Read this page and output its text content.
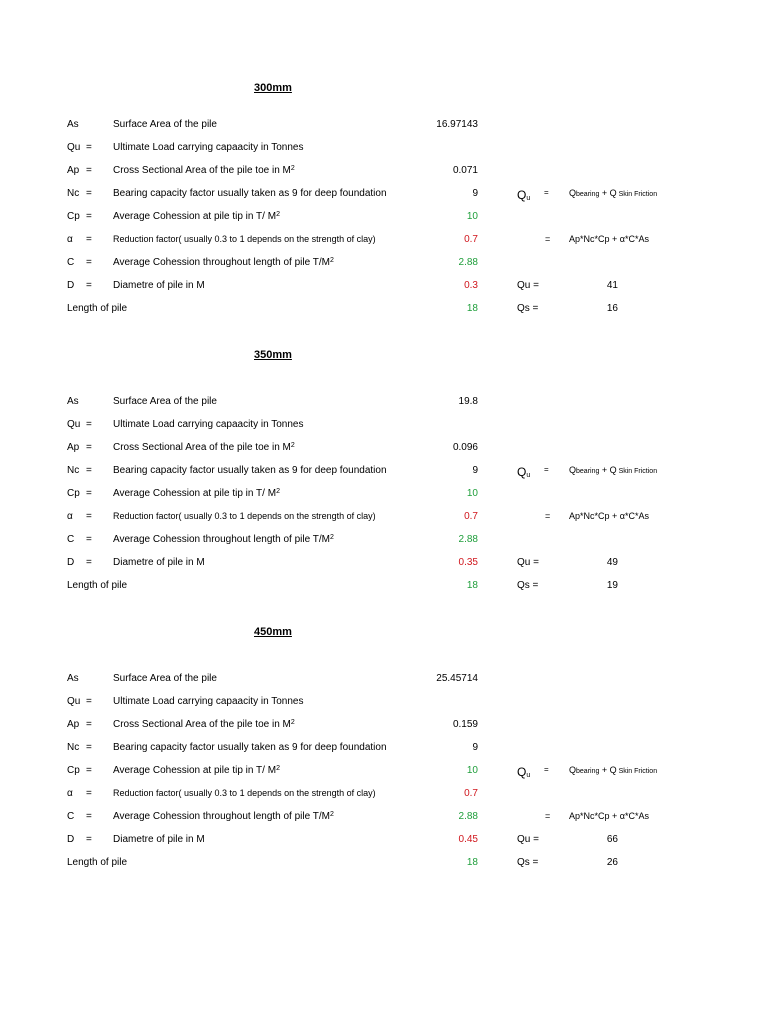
300mm
As	Surface Area of the pile	16.97143
Qu = Ultimate Load carrying capaacity in Tonnes
Ap = Cross Sectional Area of the pile toe in $M^2$	0.071
Nc = Bearing capacity factor usually taken as 9 for deep foundation	9	$Q_u$
= Qbearing + Q Skin Friction
Cp = Average Cohession at pile tip in T/ $M^2$	10
α = Reduction factor( usually 0.3 to 1 depends on the strength of clay)	0.7	= Ap*Nc*Cp + α*C*As
C = Average Cohession throughout length of pile $T/M^2$	2.88
D = Diametre of pile in M	0.3	Qu =	41
Length of pile	18	Qs =	16
350mm
As	Surface Area of the pile	19.8
Qu = Ultimate Load carrying capaacity in Tonnes
Ap = Cross Sectional Area of the pile toe in $M^2$	0.096
Nc = Bearing capacity factor usually taken as 9 for deep foundation	9	$Q_u$
= Qbearing + Q Skin Friction
Cp = Average Cohession at pile tip in T/ $M^2$	10
α = Reduction factor( usually 0.3 to 1 depends on the strength of clay)	0.7	= Ap*Nc*Cp + α*C*As
C = Average Cohession throughout length of pile $T/M^2$	2.88
D = Diametre of pile in M	0.35	Qu =	49
Length of pile	18	Qs =	19
450mm
As	Surface Area of the pile	25.45714
Qu = Ultimate Load carrying capaacity in Tonnes
Ap = Cross Sectional Area of the pile toe in $M^2$	0.159
Nc = Bearing capacity factor usually taken as 9 for deep foundation	9
Cp = Average Cohession at pile tip in T/ $M^2$	10	$Q_u$
= Qbearing + Q Skin Friction
α = Reduction factor( usually 0.3 to 1 depends on the strength of clay)	0.7
C = Average Cohession throughout length of pile $T/M^2$	2.88	= Ap*Nc*Cp + α*C*As
D = Diametre of pile in M	0.45	Qu =	66
Length of pile	18	Qs =	26
